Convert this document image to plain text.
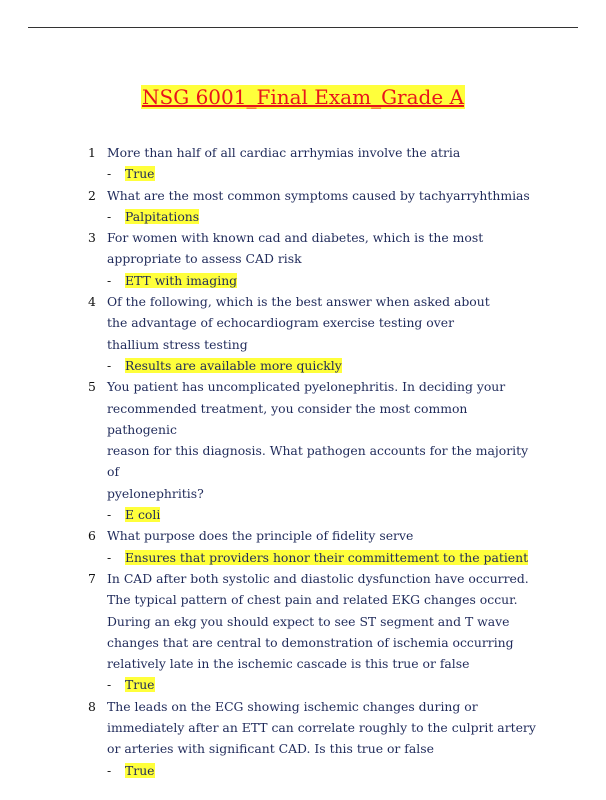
NSG 6001_Final Exam_Grade A
1 More than half of all cardiac arrhymias involve the atria
- True
2 What are the most common symptoms caused by tachyarryhthmias
- Palpitations
3 For women with known cad and diabetes, which is the most
appropriate to assess CAD risk
- ETT with imaging
4 Of the following, which is the best answer when asked about
the advantage of echocardiogram exercise testing over
thallium stress testing
- Results are available more quickly
5 You patient has uncomplicated pyelonephritis. In deciding your
recommended treatment, you consider the most common pathogenic
reason for this diagnosis. What pathogen accounts for the majority of
pyelonephritis?
- E coli
6 What purpose does the principle of fidelity serve
- Ensures that providers honor their committement to the patient
7 In CAD after both systolic and diastolic dysfunction have occurred.
The typical pattern of chest pain and related EKG changes occur.
During an ekg you should expect to see ST segment and T wave
changes that are central to demonstration of ischemia occurring
relatively late in the ischemic cascade is this true or false
- True
8 The leads on the ECG showing ischemic changes during or
immediately after an ETT can correlate roughly to the culprit artery
or arteries with significant CAD. Is this true or false
- True
